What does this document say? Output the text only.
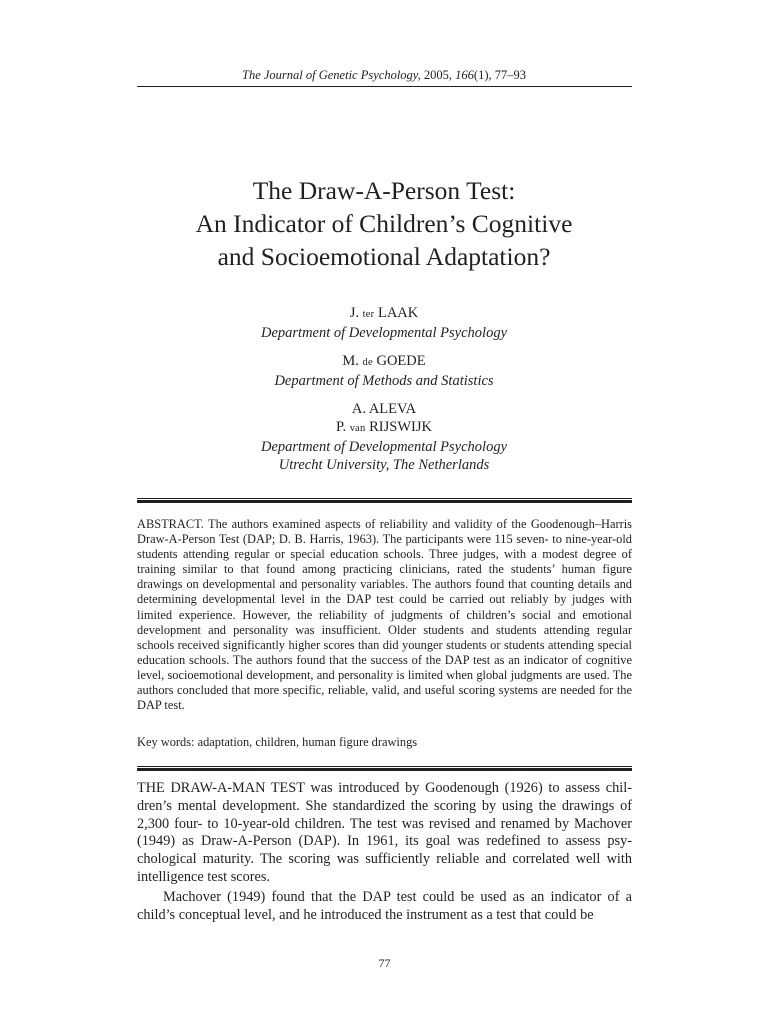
The Journal of Genetic Psychology, 2005, 166(1), 77–93
The Draw-A-Person Test:
An Indicator of Children’s Cognitive
and Socioemotional Adaptation?
J. ter LAAK
Department of Developmental Psychology
M. de GOEDE
Department of Methods and Statistics
A. ALEVA
P. van RIJSWIJK
Department of Developmental Psychology
Utrecht University, The Netherlands

ABSTRACT. The authors examined aspects of reliability and validity of the Goodenough–Harris Draw-A-Person Test (DAP; D. B. Harris, 1963). The participants were 115 seven- to nine-year-old students attending regular or special education schools. Three judges, with a modest degree of training similar to that found among practicing clinicians, rated the students’ human figure drawings on developmental and personality variables. The authors found that counting details and determining developmental level in the DAP test could be carried out reliably by judges with limited experience. However, the reliability of judgments of children’s social and emotional development and personality was insufficient. Older students and students attending regular schools received significantly higher scores than did younger students or students attending special education schools. The authors found that the success of the DAP test as an indicator of cognitive level, socioemotional development, and personality is limited when global judgments are used. The authors concluded that more specific, reliable, valid, and useful scoring systems are needed for the DAP test.

Key words: adaptation, children, human figure drawings

THE DRAW-A-MAN TEST was introduced by Goodenough (1926) to assess children’s mental development. She standardized the scoring by using the drawings of 2,300 four- to 10-year-old children. The test was revised and renamed by Machover (1949) as Draw-A-Person (DAP). In 1961, its goal was redefined to assess psychological maturity. The scoring was sufficiently reliable and correlated well with intelligence test scores.

Machover (1949) found that the DAP test could be used as an indicator of a child’s conceptual level, and he introduced the instrument as a test that could be

77
